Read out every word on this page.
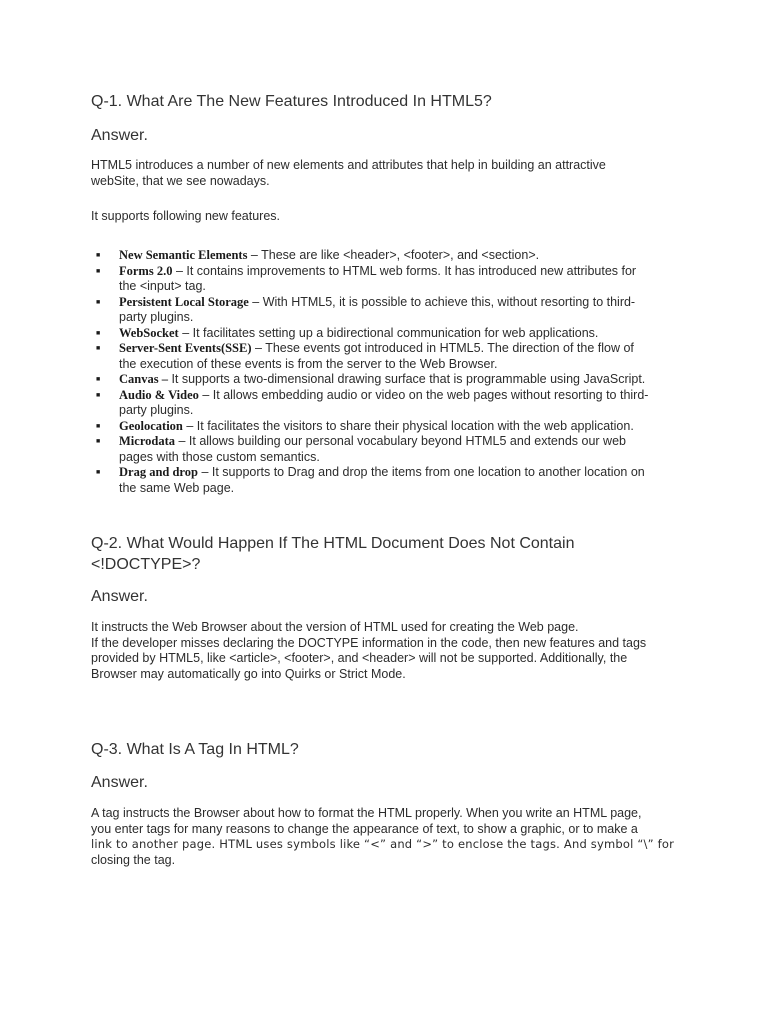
Q-1. What Are The New Features Introduced In HTML5?
Answer.

HTML5 introduces a number of new elements and attributes that help in building an attractive

webSite, that we see nowadays.

It supports following new features.

■ New Semantic Elements – These are like <header>, <footer>, and <section>.
■ Forms 2.0 – It contains improvements to HTML web forms. It has introduced new attributes for
the <input> tag.
■ Persistent Local Storage – With HTML5, it is possible to achieve this, without resorting to third-
party plugins.
■ WebSocket – It facilitates setting up a bidirectional communication for web applications.
■ Server-Sent Events(SSE) – These events got introduced in HTML5. The direction of the flow of
the execution of these events is from the server to the Web Browser.
■ Canvas – It supports a two-dimensional drawing surface that is programmable using JavaScript.
■ Audio & Video – It allows embedding audio or video on the web pages without resorting to third-
party plugins.
■ Geolocation – It facilitates the visitors to share their physical location with the web application.
■ Microdata – It allows building our personal vocabulary beyond HTML5 and extends our web
pages with those custom semantics.
■ Drag and drop – It supports to Drag and drop the items from one location to another location on
the same Web page.
Q-2. What Would Happen If The HTML Document Does Not Contain
<!DOCTYPE>?
Answer.

It instructs the Web Browser about the version of HTML used for creating the Web page.

If the developer misses declaring the DOCTYPE information in the code, then new features and tags

provided by HTML5, like <article>, <footer>, and <header> will not be supported. Additionally, the

Browser may automatically go into Quirks or Strict Mode.

Q-3. What Is A Tag In HTML?
Answer.

A tag instructs the Browser about how to format the HTML properly. When you write an HTML page,

you enter tags for many reasons to change the appearance of text, to show a graphic, or to make a

link to another page. HTML uses symbols like “<” and “>” to enclose the tags. And symbol “\” for

closing the tag.
